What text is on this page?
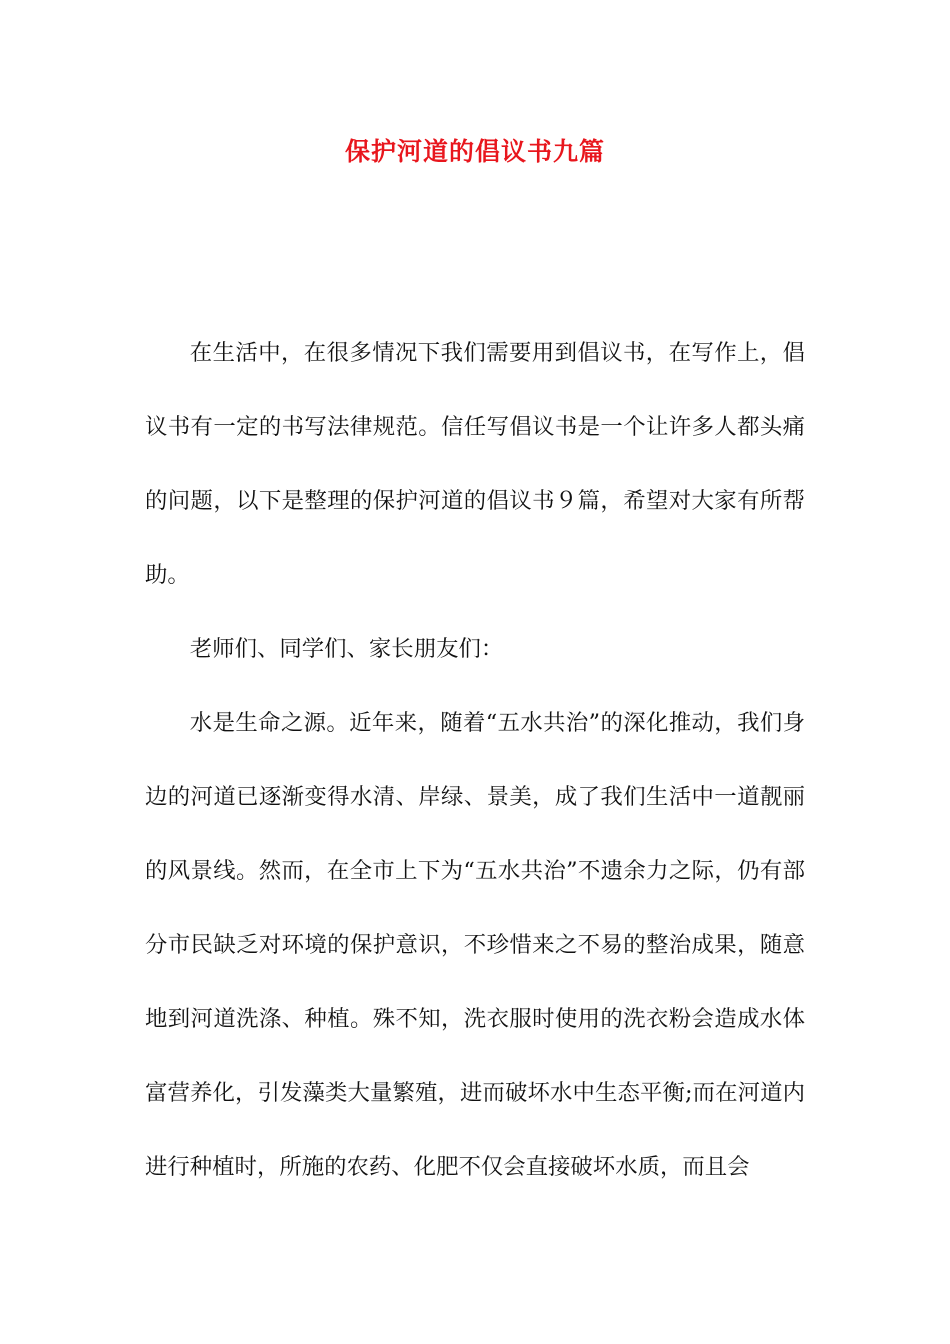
保护河道的倡议书九篇

在生活中，在很多情况下我们需要用到倡议书，在写作上，倡议书有一定的书写法律规范。信任写倡议书是一个让许多人都头痛的问题，以下是整理的保护河道的倡议书９篇，希望对大家有所帮助。

老师们、同学们、家长朋友们：

水是生命之源。近年来，随着“五水共治”的深化推动，我们身边的河道已逐渐变得水清、岸绿、景美，成了我们生活中一道靓丽的风景线。然而，在全市上下为“五水共治”不遗余力之际，仍有部分市民缺乏对环境的保护意识，不珍惜来之不易的整治成果，随意地到河道洗涤、种植。殊不知，洗衣服时使用的洗衣粉会造成水体富营养化，引发藻类大量繁殖，进而破坏水中生态平衡;而在河道内进行种植时，所施的农药、化肥不仅会直接破坏水质，而且会
